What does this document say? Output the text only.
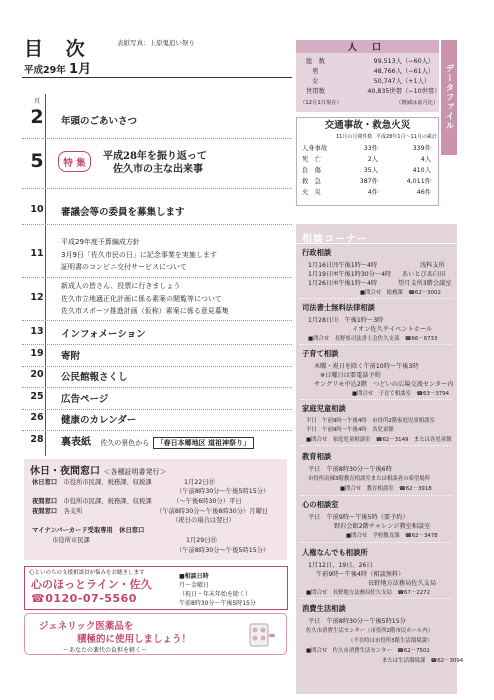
目 次	表紙写真：上原鬼追い祭り
平成29年 1月
頁
2	年頭のごあいさつ
5	特 集
平成28年を振り返って
佐久市の主な出来事
10	審議会等の委員を募集します
11
平成29年度予算編成方針
3月9日「佐久市民の日」に記念事業を実施します
証明書のコンビニ交付サービスについて
12
新成人の皆さん、投票に行きましょう
佐久市立地適正化計画に係る素案の閲覧等について
佐久市スポーツ推進計画（仮称）素案に係る意見募集
13	インフォメーション
19	寄附
20	公民館報さくし
25	広告ページ
26	健康のカレンダー
28	裏表紙 佐久の景色から 「春日本郷地区 道祖神祭り」
休日・夜間窓口 ＜各種証明書発行＞
休日窓口　 市役所市民課、税務課、収税課	1月22日㊐
（午前8時30分～午後5時15分）
夜間窓口　 市役所市民課、税務課、収税課	（～午後6時30分）平日
夜間窓口　 各支所	（午前8時30分～午後8時30分）月曜日
（祝日の場合は翌日）
マイナンバーカード受取専用　休日窓口
市役所市民課	1月29日㊐
（午前8時30分～午後5時15分）
心といのちの支援相談員が悩みをお聴きします
心のほっとライン・佐久
☎0120-07-5560
■相談日時
月～金曜日
（祝日・年末年始を除く）
午前8時30分～午後5時15分
ジェネリック医薬品を
積極的に使用しましょう！
～あなたの薬代の負担を軽く～
人 口
総　数	99,513人 （−60人）
男	48,766人 （−61人）
女	50,747人 （+1人）
世帯数	40,835世帯 （−10世帯）
（12月1日現在）	（増減は前月比） データファイル
交通事故・救急火災
11月の月間件数 平成28年1月～11月の累計
人身事故	33件	339件
死　亡	2人	4人
負　傷	35人	410人
救　急	387件	4,011件
火　災	4件	46件
相談コーナー
行政相談
1月16日㈪午後1時～4時	浅科支所
1月19日㈭午後1時30分～4時 あいとぴあ臼田
1月26日㈭午後1時～4時	望月支所3階会議室
■問合せ　総務課　☎62－3002
司法書士無料法律相談
1月28日㈯　午後1時～3時
イオン佐久平イベントホール
■問合せ　長野県司法書士会佐久支部　☎66－6733
子育て相談
木曜・祝日を除く午前10時～午後3時
※日曜日は要電話予約
サングリモ中込2階　つどいの広場交流センター内
■問合せ　子育て相談室　☎63－3794
家庭児童相談
平日　午前9時～午後4時　市役所2階家庭児童相談室
平日　午前9時～午後4時　各児童館
■問合せ　家庭児童相談室　☎62－3149　または各児童館
教育相談
平日　午前8時30分～午後6時
市役所南棟3階教育相談室または相談者の希望場所
■問合せ　教育相談室　☎62－3918
心の相談室
平日　午前9時～午後5時（要予約）
野沢会館2階チャレンジ教室相談室
■問合せ　学校教育課　☎62－3478
人権なんでも相談所
1月12日、19日、26日
午前9時～午後4時（相談無料）
長野地方法務局佐久支局
■問合せ　長野地方法務局佐久支局　☎67－2272
消費生活相談
平日　午前8時30分～午後5時15分
佐久市消費生活センター（市役所2階市民ホール内）
（不在時は市役所3階生活環境課）
■問合せ　佐久市消費生活センター　☎62－7501
または生活環境課　☎62－3094
